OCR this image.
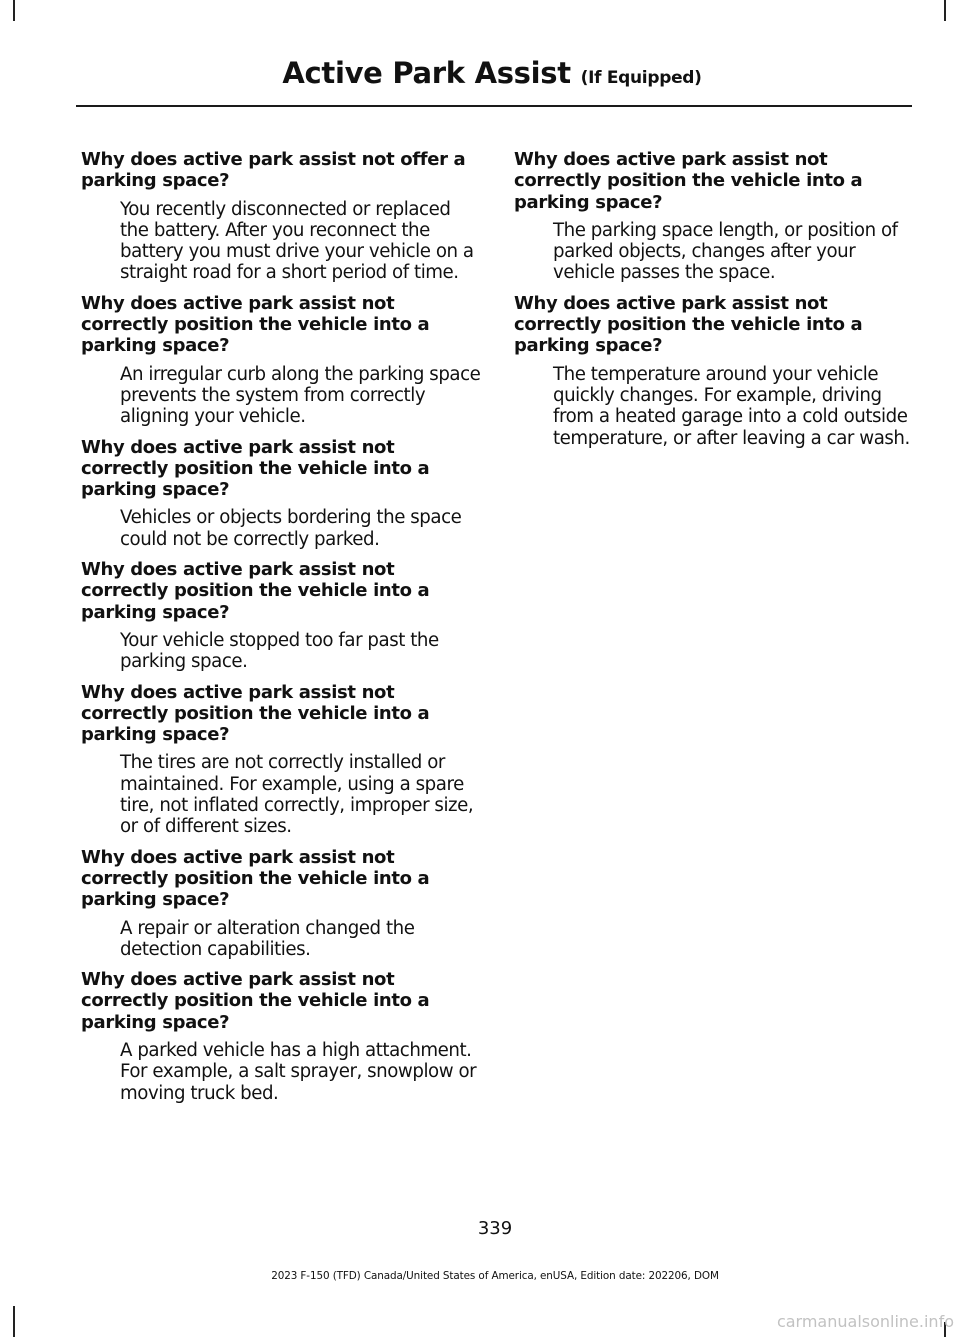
Active Park Assist (If Equipped)
Why does active park assist not offer a parking space?
You recently disconnected or replaced the battery. After you reconnect the battery you must drive your vehicle on a straight road for a short period of time.
Why does active park assist not correctly position the vehicle into a parking space?
An irregular curb along the parking space prevents the system from correctly aligning your vehicle.
Why does active park assist not correctly position the vehicle into a parking space?
Vehicles or objects bordering the space could not be correctly parked.
Why does active park assist not correctly position the vehicle into a parking space?
Your vehicle stopped too far past the parking space.
Why does active park assist not correctly position the vehicle into a parking space?
The tires are not correctly installed or maintained. For example, using a spare tire, not inflated correctly, improper size, or of different sizes.
Why does active park assist not correctly position the vehicle into a parking space?
A repair or alteration changed the detection capabilities.
Why does active park assist not correctly position the vehicle into a parking space?
A parked vehicle has a high attachment. For example, a salt sprayer, snowplow or moving truck bed.
Why does active park assist not correctly position the vehicle into a parking space?
The parking space length, or position of parked objects, changes after your vehicle passes the space.
Why does active park assist not correctly position the vehicle into a parking space?
The temperature around your vehicle quickly changes. For example, driving from a heated garage into a cold outside temperature, or after leaving a car wash.
339
2023 F-150 (TFD) Canada/United States of America, enUSA, Edition date: 202206, DOM
carmanualsonline.info
